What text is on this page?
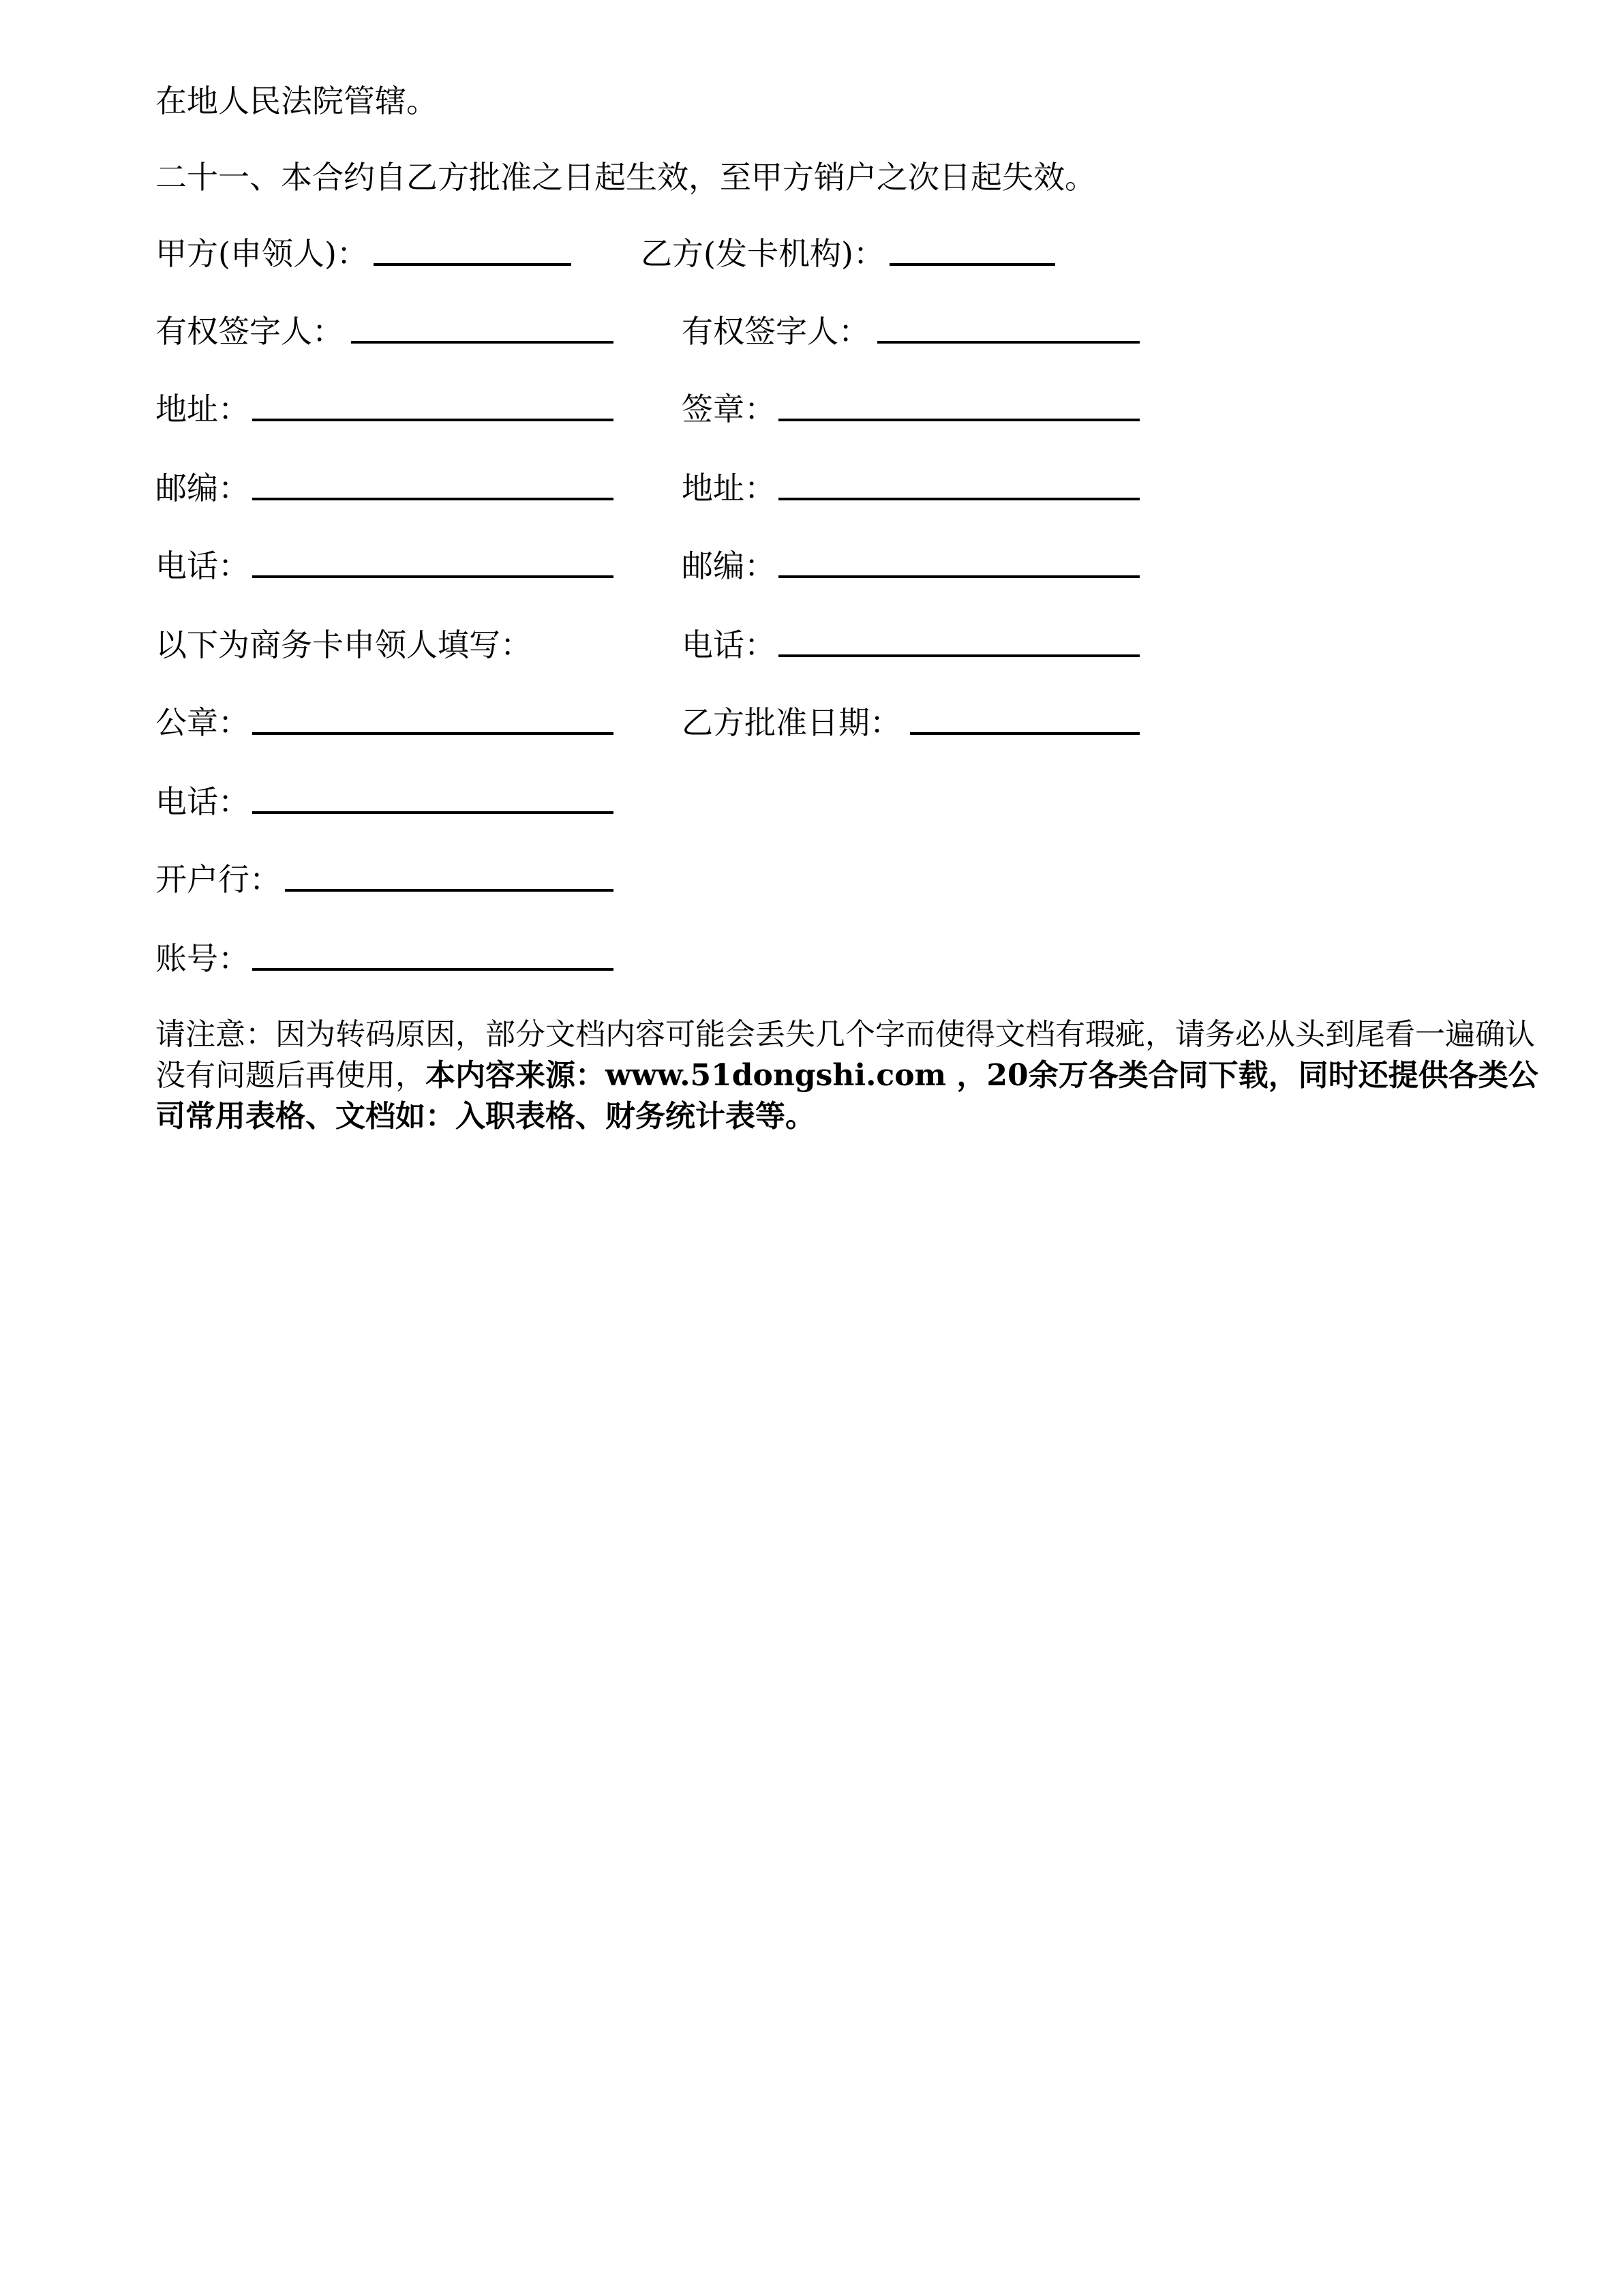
在地人民法院管辖。
二十一、本合约自乙方批准之日起生效，至甲方销户之次日起失效。
甲方(申领人)：
有权签字人：
地址：
邮编：
电话：
以下为商务卡申领人填写：
公章：
电话：
开户行：
账号：
乙方(发卡机构)：
有权签字人：
签章：
地址：
邮编：
电话：
乙方批准日期：
请注意：因为转码原因，部分文档内容可能会丢失几个字而使得文档有瑕疵，请务必从头到尾看一遍确认没有问题后再使用，本内容来源：www.51dongshi.com ，20余万各类合同下载，同时还提供各类公司常用表格、文档如：入职表格、财务统计表等。
